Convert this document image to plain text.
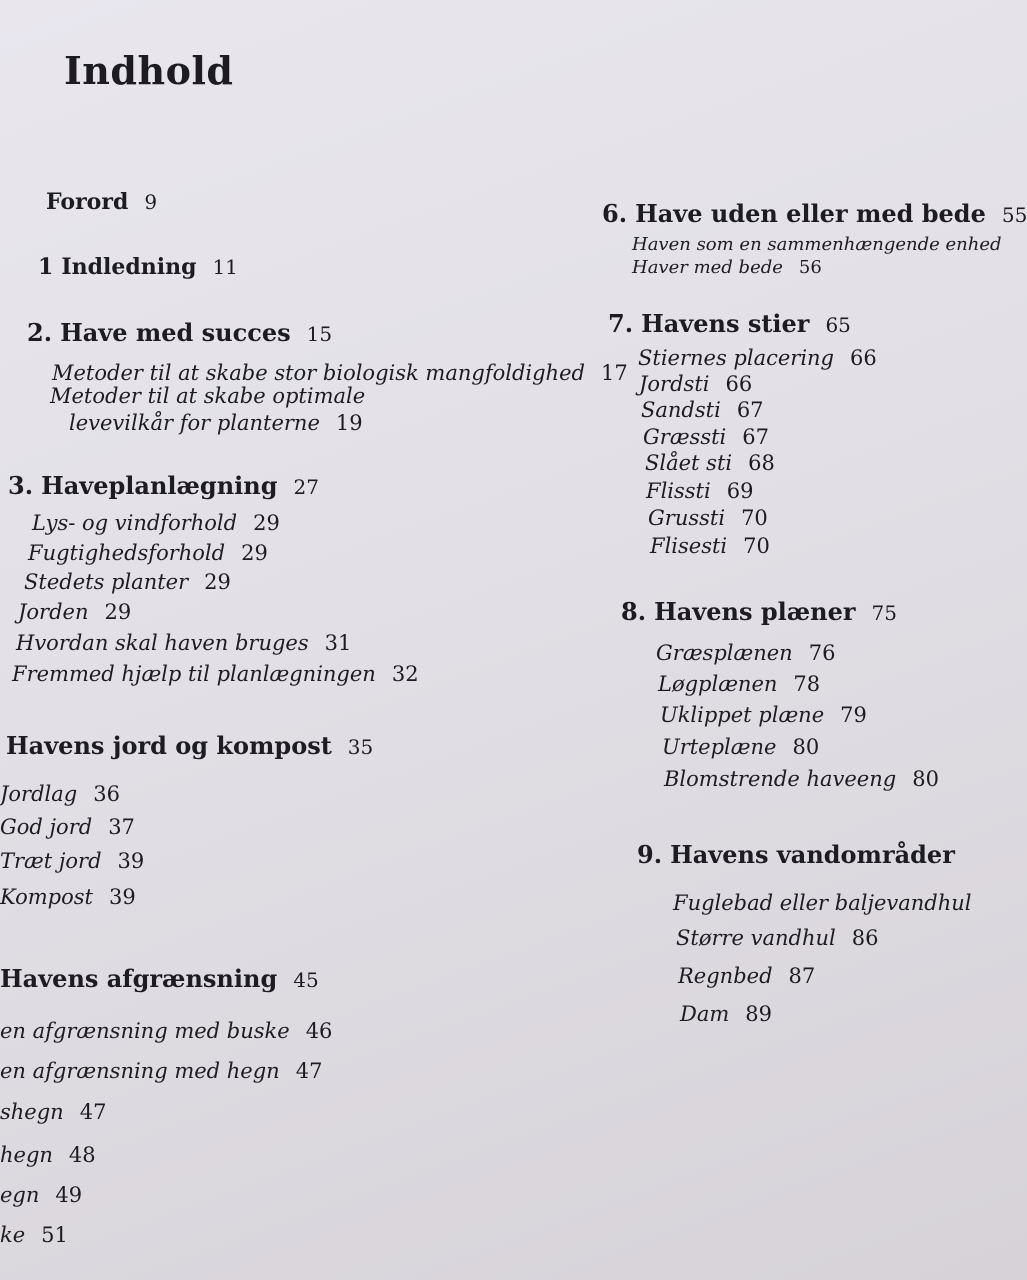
Indhold
Forord 9
1 Indledning 11
2. Have med succes 15
Metoder til at skabe stor biologisk mangfoldighed 17
Metoder til at skabe optimale
levevilkår for planterne 19
3. Haveplanlægning 27
Lys- og vindforhold 29
Fugtighedsforhold 29
Stedets planter 29
Jorden 29
Hvordan skal haven bruges 31
Fremmed hjælp til planlægningen 32
Havens jord og kompost 35
Jordlag 36
God jord 37
Træt jord 39
Kompost 39
Havens afgrænsning 45
en afgrænsning med buske 46
en afgrænsning med hegn 47
shegn 47
hegn 48
egn 49
ke 51
6. Have uden eller med bede 55
Haven som en sammenhængende enhed
Haver med bede 56
7. Havens stier 65
Stiernes placering 66
Jordsti 66
Sandsti 67
Græssti 67
Slået sti 68
Flissti 69
Grussti 70
Flisesti 70
8. Havens plæner 75
Græsplænen 76
Løgplænen 78
Uklippet plæne 79
Urteplæne 80
Blomstrende haveeng 80
9. Havens vandområder
Fuglebad eller baljevandhul
Større vandhul 86
Regnbed 87
Dam 89
